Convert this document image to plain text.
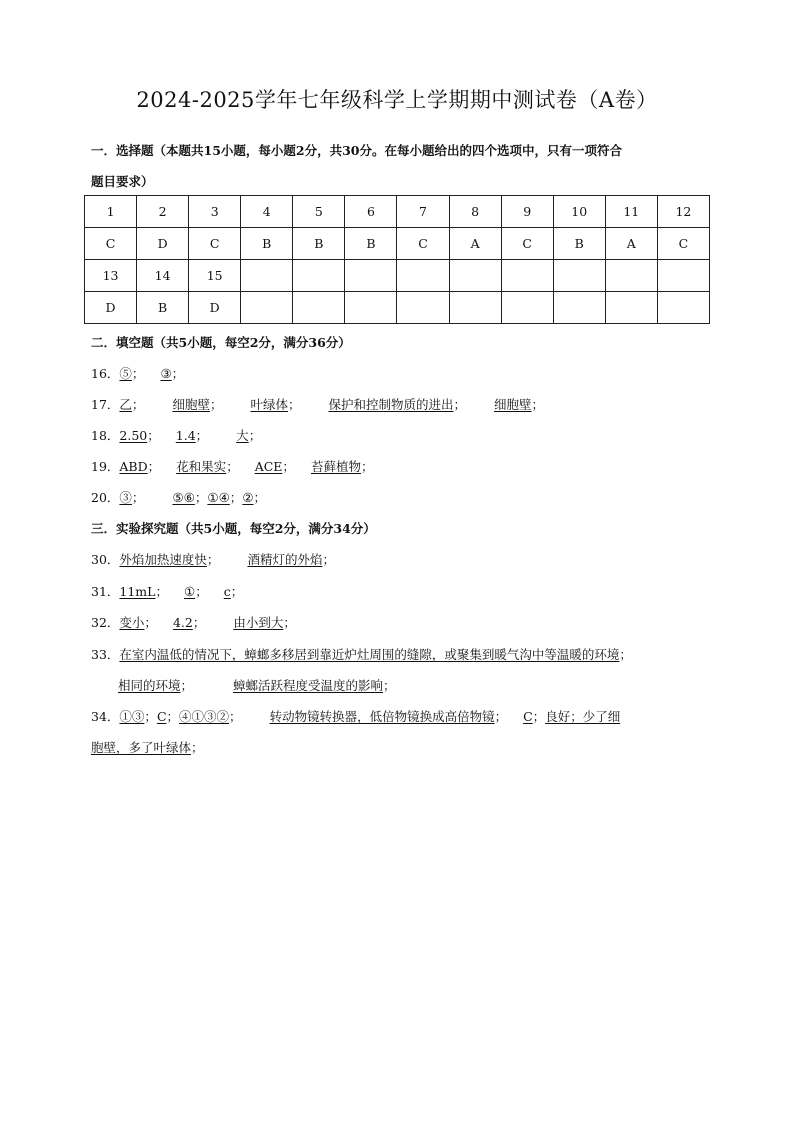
2024-2025学年七年级科学上学期期中测试卷（A卷）
一．选择题（本题共15小题，每小题2分，共30分。在每小题给出的四个选项中，只有一项符合
题目要求）
1	2	3	4	5	6	7	8	9	10	11	12
C	D	C	B	B	B	C	A	C	B	A	C
13	14	15									
D	B	D									
二．填空题（共5小题，每空2分，满分36分）
16．⑤； ③；
17．乙； 细胞壁； 叶绿体； 保护和控制物质的进出； 细胞壁；
18．2.50； 1.4； 大；
19．ABD； 花和果实； ACE； 苔藓植物；
20．③； ⑤⑥；①④；②；
三．实验探究题（共5小题，每空2分，满分34分）
30．外焰加热速度快； 酒精灯的外焰；
31．11mL； ①； c；
32．变小； 4.2； 由小到大；
33．在室内温低的情况下，蟑螂多移居到靠近炉灶周围的缝隙，或聚集到暖气沟中等温暖的环境；
相同的环境；	蟑螂活跃程度受温度的影响；
34．①③；C；④①③②； 转动物镜转换器，低倍物镜换成高倍物镜； C；良好；少了细
胞壁，多了叶绿体；
